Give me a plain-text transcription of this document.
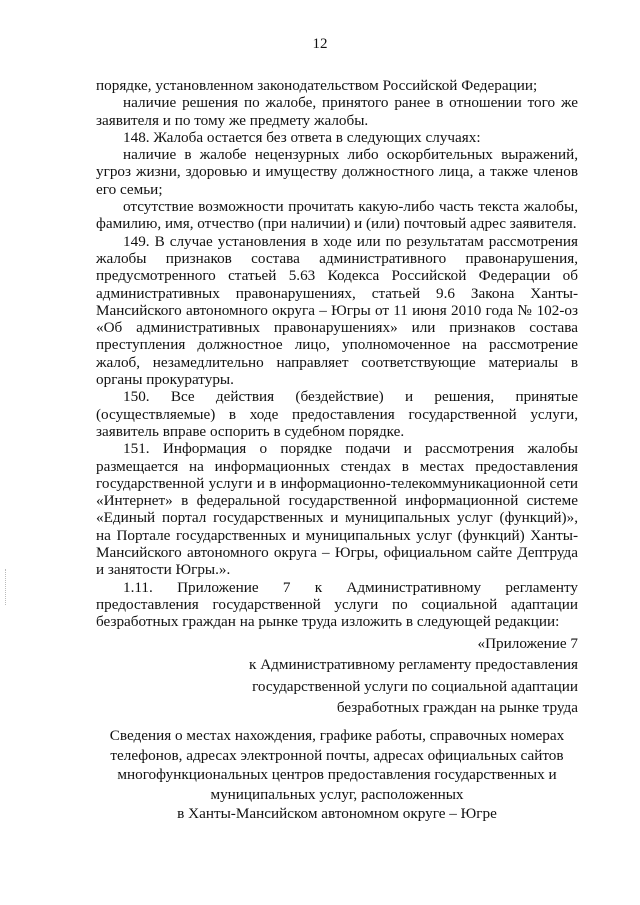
12

порядке, установленном законодательством Российской Федерации;

наличие решения по жалобе, принятого ранее в отношении того же заявителя и по тому же предмету жалобы.

148. Жалоба остается без ответа в следующих случаях:

наличие в жалобе нецензурных либо оскорбительных выражений, угроз жизни, здоровью и имуществу должностного лица, а также членов его семьи;

отсутствие возможности прочитать какую-либо часть текста жалобы, фамилию, имя, отчество (при наличии) и (или) почтовый адрес заявителя.

149. В случае установления в ходе или по результатам рассмотрения жалобы признаков состава административного правонарушения, предусмотренного статьей 5.63 Кодекса Российской Федерации об административных правонарушениях, статьей 9.6 Закона Ханты-Мансийского автономного округа – Югры от 11 июня 2010 года № 102-оз «Об административных правонарушениях» или признаков состава преступления должностное лицо, уполномоченное на рассмотрение жалоб, незамедлительно направляет соответствующие материалы в органы прокуратуры.

150. Все действия (бездействие) и решения, принятые (осуществляемые) в ходе предоставления государственной услуги, заявитель вправе оспорить в судебном порядке.

151. Информация о порядке подачи и рассмотрения жалобы размещается на информационных стендах в местах предоставления государственной услуги и в информационно-телекоммуникационной сети «Интернет» в федеральной государственной информационной системе «Единый портал государственных и муниципальных услуг (функций)», на Портале государственных и муниципальных услуг (функций) Ханты-Мансийского автономного округа – Югры, официальном сайте Дептруда и занятости Югры.».

1.11. Приложение 7 к Административному регламенту предоставления государственной услуги по социальной адаптации безработных граждан на рынке труда изложить в следующей редакции:

«Приложение 7
к Административному регламенту предоставления
государственной услуги по социальной адаптации
безработных граждан на рынке труда
Сведения о местах нахождения, графике работы, справочных номерах
телефонов, адресах электронной почты, адресах официальных сайтов
многофункциональных центров предоставления государственных и
муниципальных услуг, расположенных
в Ханты-Мансийском автономном округе – Югре
